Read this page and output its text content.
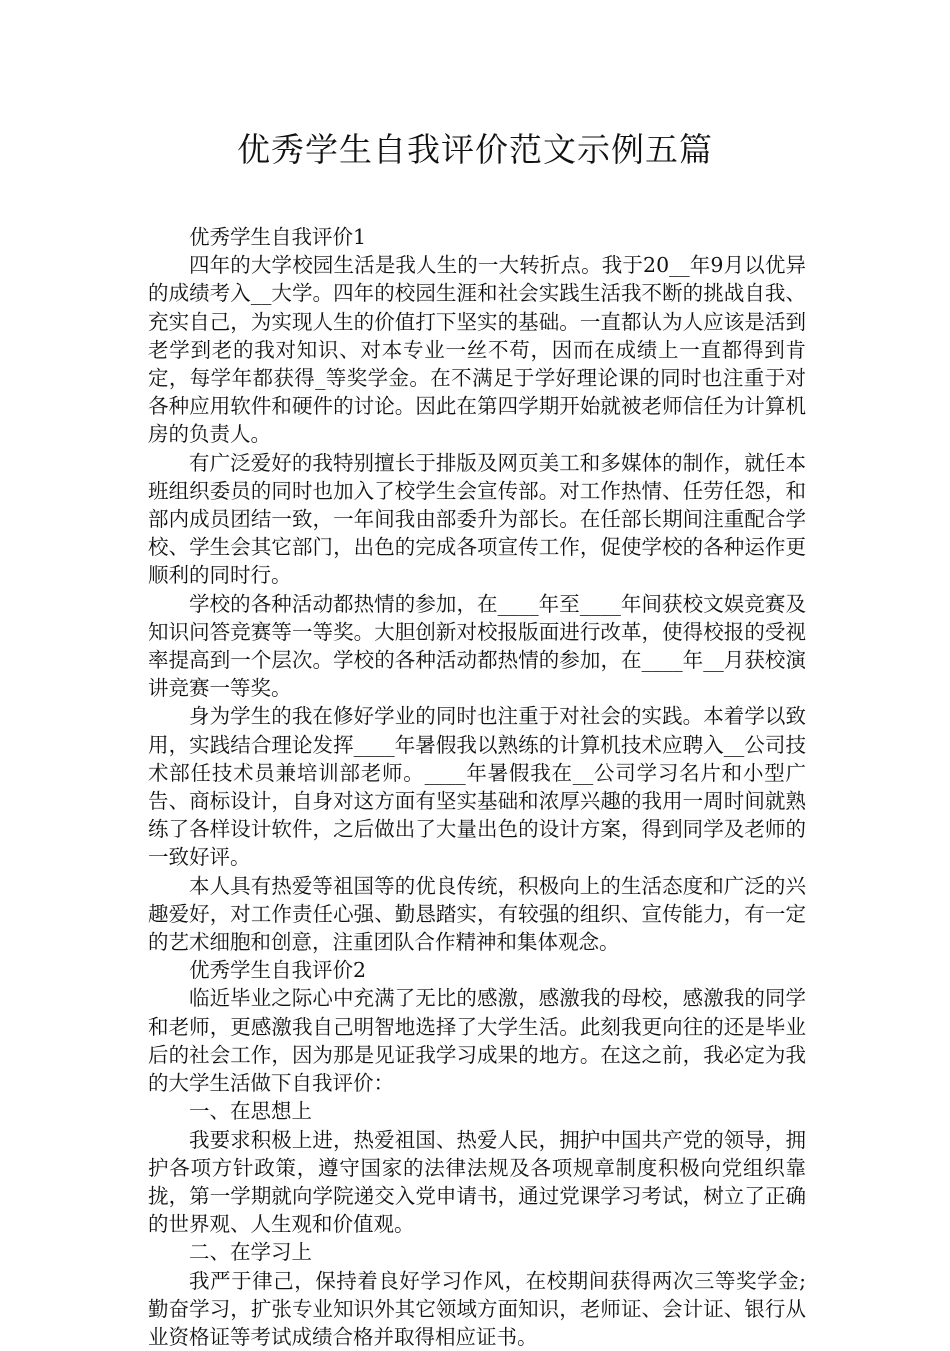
优秀学生自我评价范文示例五篇

优秀学生自我评价1

四年的大学校园生活是我人生的一大转折点。我于20__年9月以优异的成绩考入__大学。四年的校园生涯和社会实践生活我不断的挑战自我、充实自己，为实现人生的价值打下坚实的基础。一直都认为人应该是活到老学到老的我对知识、对本专业一丝不苟，因而在成绩上一直都得到肯定，每学年都获得_等奖学金。在不满足于学好理论课的同时也注重于对各种应用软件和硬件的讨论。因此在第四学期开始就被老师信任为计算机房的负责人。

有广泛爱好的我特别擅长于排版及网页美工和多媒体的制作，就任本班组织委员的同时也加入了校学生会宣传部。对工作热情、任劳任怨，和部内成员团结一致，一年间我由部委升为部长。在任部长期间注重配合学校、学生会其它部门，出色的完成各项宣传工作，促使学校的各种运作更顺利的同时行。

学校的各种活动都热情的参加，在____年至____年间获校文娱竞赛及知识问答竞赛等一等奖。大胆创新对校报版面进行改革，使得校报的受视率提高到一个层次。学校的各种活动都热情的参加，在____年__月获校演讲竞赛一等奖。

身为学生的我在修好学业的同时也注重于对社会的实践。本着学以致用，实践结合理论发挥____年暑假我以熟练的计算机技术应聘入__公司技术部任技术员兼培训部老师。____年暑假我在__公司学习名片和小型广告、商标设计，自身对这方面有坚实基础和浓厚兴趣的我用一周时间就熟练了各样设计软件，之后做出了大量出色的设计方案，得到同学及老师的一致好评。

本人具有热爱等祖国等的优良传统，积极向上的生活态度和广泛的兴趣爱好，对工作责任心强、勤恳踏实，有较强的组织、宣传能力，有一定的艺术细胞和创意，注重团队合作精神和集体观念。

优秀学生自我评价2

临近毕业之际心中充满了无比的感激，感激我的母校，感激我的同学和老师，更感激我自己明智地选择了大学生活。此刻我更向往的还是毕业后的社会工作，因为那是见证我学习成果的地方。在这之前，我必定为我的大学生活做下自我评价：

一、在思想上

我要求积极上进，热爱祖国、热爱人民，拥护中国共产党的领导，拥护各项方针政策，遵守国家的法律法规及各项规章制度积极向党组织靠拢，第一学期就向学院递交入党申请书，通过党课学习考试，树立了正确的世界观、人生观和价值观。

二、在学习上

我严于律己，保持着良好学习作风，在校期间获得两次三等奖学金;勤奋学习，扩张专业知识外其它领域方面知识，老师证、会计证、银行从业资格证等考试成绩合格并取得相应证书。
